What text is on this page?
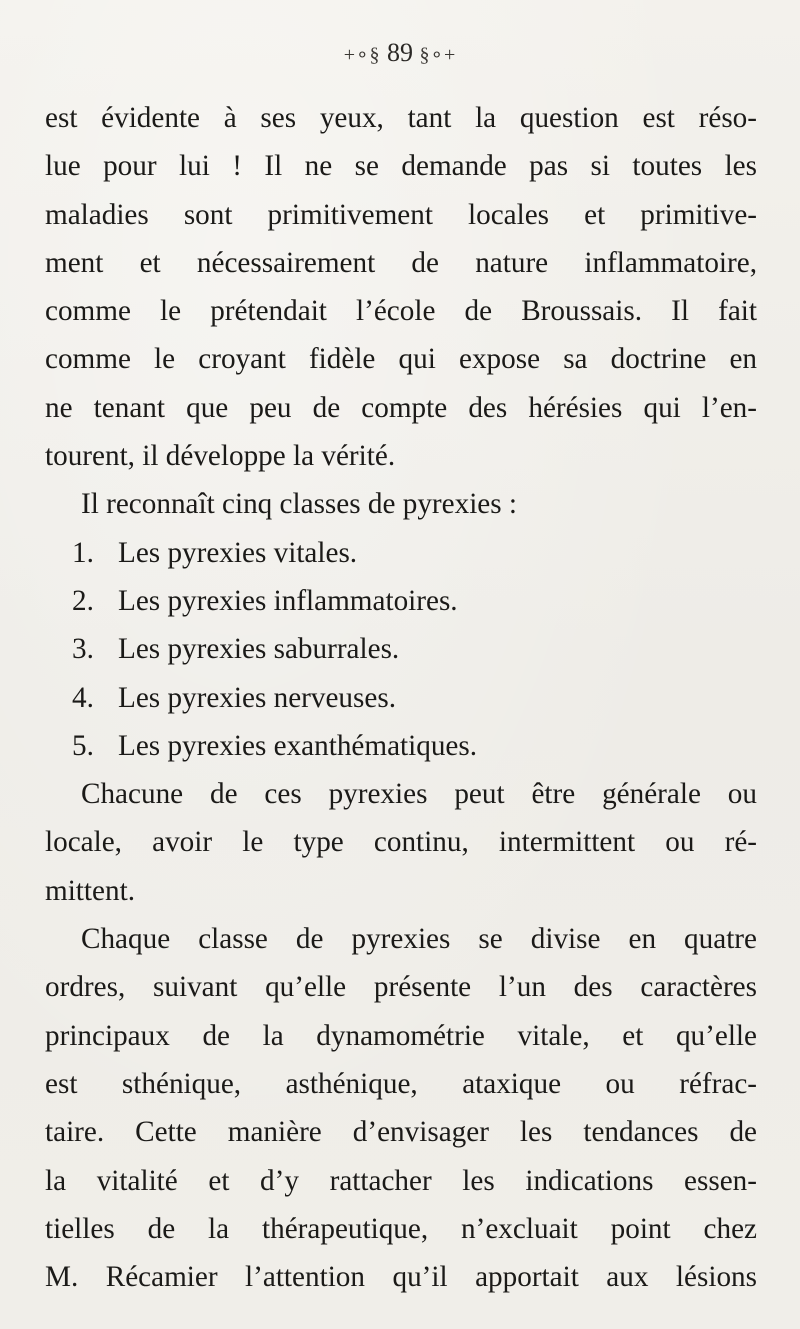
+∘§ 89 §∘+
est évidente à ses yeux, tant la question est réso-
lue pour lui ! Il ne se demande pas si toutes les
maladies sont primitivement locales et primitive-
ment et nécessairement de nature inflammatoire,
comme le prétendait l’école de Broussais. Il fait
comme le croyant fidèle qui expose sa doctrine en
ne tenant que peu de compte des hérésies qui l’en-
tourent, il développe la vérité.
Il reconnaît cinq classes de pyrexies :
1. Les pyrexies vitales.
2. Les pyrexies inflammatoires.
3. Les pyrexies saburrales.
4. Les pyrexies nerveuses.
5. Les pyrexies exanthématiques.
Chacune de ces pyrexies peut être générale ou
locale, avoir le type continu, intermittent ou ré-
mittent.
Chaque classe de pyrexies se divise en quatre
ordres, suivant qu’elle présente l’un des caractères
principaux de la dynamométrie vitale, et qu’elle
est sthénique, asthénique, ataxique ou réfrac-
taire. Cette manière d’envisager les tendances de
la vitalité et d’y rattacher les indications essen-
tielles de la thérapeutique, n’excluait point chez
M. Récamier l’attention qu’il apportait aux lésions
